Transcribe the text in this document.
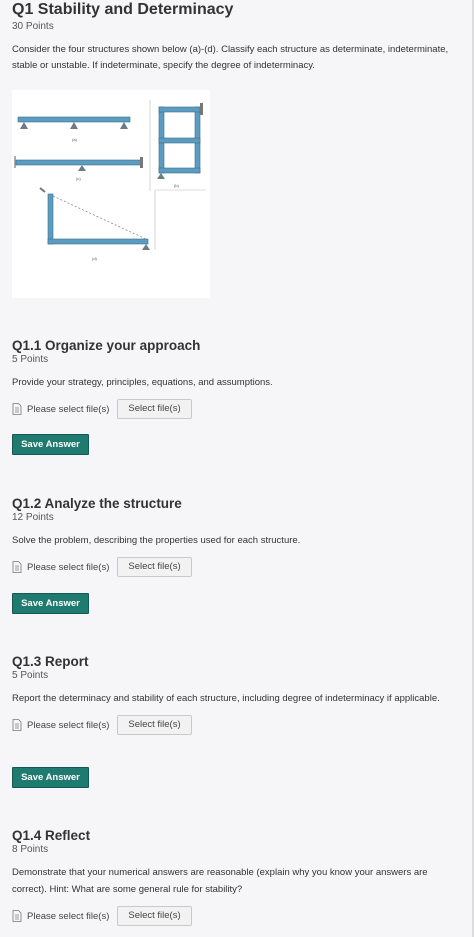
Q1 Stability and Determinacy
30 Points
Consider the four structures shown below (a)-(d). Classify each structure as determinate, indeterminate, stable or unstable. If indeterminate, specify the degree of indeterminacy.
(a)
(c)
(b)
(d)
Q1.1 Organize your approach
5 Points
Provide your strategy, principles, equations, and assumptions.
Please select file(s)	Select file(s)
Save Answer
Q1.2 Analyze the structure
12 Points
Solve the problem, describing the properties used for each structure.
Please select file(s)	Select file(s)
Save Answer
Q1.3 Report
5 Points
Report the determinacy and stability of each structure, including degree of indeterminacy if applicable.
Please select file(s)	Select file(s)
Save Answer
Q1.4 Reflect
8 Points
Demonstrate that your numerical answers are reasonable (explain why you know your answers are correct). Hint: What are some general rule for stability?
Please select file(s)	Select file(s)
